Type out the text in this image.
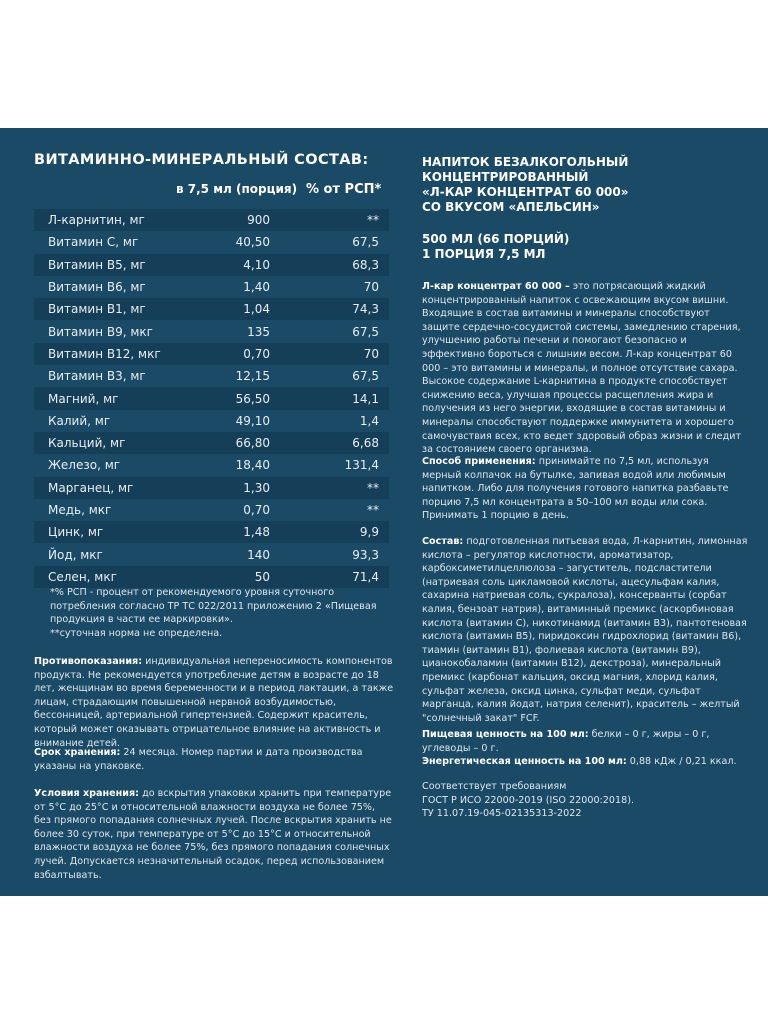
ВИТАМИННО-МИНЕРАЛЬНЫЙ СОСТАВ:

в 7,5 мл (порция) % от РСП*
Л-карнитин, мг	900	**
Витамин С, мг	40,50	67,5
Витамин В5, мг	4,10	68,3
Витамин В6, мг	1,40	70
Витамин В1, мг	1,04	74,3
Витамин В9, мкг	135	67,5
Витамин В12, мкг	0,70	70
Витамин В3, мг	12,15	67,5
Магний, мг	56,50	14,1
Калий, мг	49,10	1,4
Кальций, мг	66,80	6,68
Железо, мг	18,40	131,4
Марганец, мг	1,30	**
Медь, мкг	0,70	**
Цинк, мг	1,48	9,9
Йод, мкг	140	93,3
Селен, мкг	50	71,4

*% РСП - процент от рекомендуемого уровня суточного потребления согласно ТР ТС 022/2011 приложению 2 «Пищевая продукция в части ее маркировки».

**суточная норма не определена.

Противопоказания: индивидуальная непереносимость компонентов продукта. Не рекомендуется употребление детям в возрасте до 18 лет, женщинам во время беременности и в период лактации, а также лицам, страдающим повышенной нервной возбудимостью, бессонницей, артериальной гипертензией. Содержит краситель, который может оказывать отрицательное влияние на активность и внимание детей.

Срок хранения: 24 месяца. Номер партии и дата производства указаны на упаковке.

Условия хранения: до вскрытия упаковки хранить при температуре от 5°С до 25°С и относительной влажности воздуха не более 75%, без прямого попадания солнечных лучей. После вскрытия хранить не более 30 суток, при температуре от 5°С до 15°С и относительной влажности воздуха не более 75%, без прямого попадания солнечных лучей. Допускается незначительный осадок, перед использованием взбалтывать.

НАПИТОК БЕЗАЛКОГОЛЬНЫЙ

КОНЦЕНТРИРОВАННЫЙ

«Л-КАР КОНЦЕНТРАТ 60 000»

СО ВКУСОМ «АПЕЛЬСИН»

500 МЛ (66 ПОРЦИЙ)

1 ПОРЦИЯ 7,5 МЛ

Л-кар концентрат 60 000 – это потрясающий жидкий концентрированный напиток с освежающим вкусом вишни. Входящие в состав витамины и минералы способствуют защите сердечно-сосудистой системы, замедлению старения, улучшению работы печени и помогают безопасно и эффективно бороться с лишним весом. Л-кар концентрат 60 000 – это витамины и минералы, и полное отсутствие сахара. Высокое содержание L-карнитина в продукте способствует снижению веса, улучшая процессы расщепления жира и получения из него энергии, входящие в состав витамины и минералы способствуют поддержке иммунитета и хорошего самочувствия всех, кто ведет здоровый образ жизни и следит за состоянием своего организма.

Способ применения: принимайте по 7,5 мл, используя мерный колпачок на бутылке, запивая водой или любимым напитком. Либо для получения готового напитка разбавьте порцию 7,5 мл концентрата в 50–100 мл воды или сока. Принимать 1 порцию в день.

Состав: подготовленная питьевая вода, Л-карнитин, лимонная кислота – регулятор кислотности, ароматизатор, карбоксиметилцеллюлоза – загуститель, подсластители (натриевая соль цикламовой кислоты, ацесульфам калия, сахарина натриевая соль, сукралоза), консерванты (сорбат калия, бензоат натрия), витаминный премикс (аскорбиновая кислота (витамин С), никотинамид (витамин В3), пантотеновая кислота (витамин В5), пиридоксин гидрохлорид (витамин В6), тиамин (витамин В1), фолиевая кислота (витамин В9), цианокобаламин (витамин В12), декстроза), минеральный премикс (карбонат кальция, оксид магния, хлорид калия, сульфат железа, оксид цинка, сульфат меди, сульфат марганца, калия йодат, натрия селенит), краситель – желтый "солнечный закат" FCF.

Пищевая ценность на 100 мл: белки – 0 г, жиры – 0 г, углеводы – 0 г.

Энергетическая ценность на 100 мл: 0,88 кДж / 0,21 ккал.

Соответствует требованиям

ГОСТ Р ИСО 22000-2019 (ISO 22000:2018).

ТУ 11.07.19-045-02135313-2022
